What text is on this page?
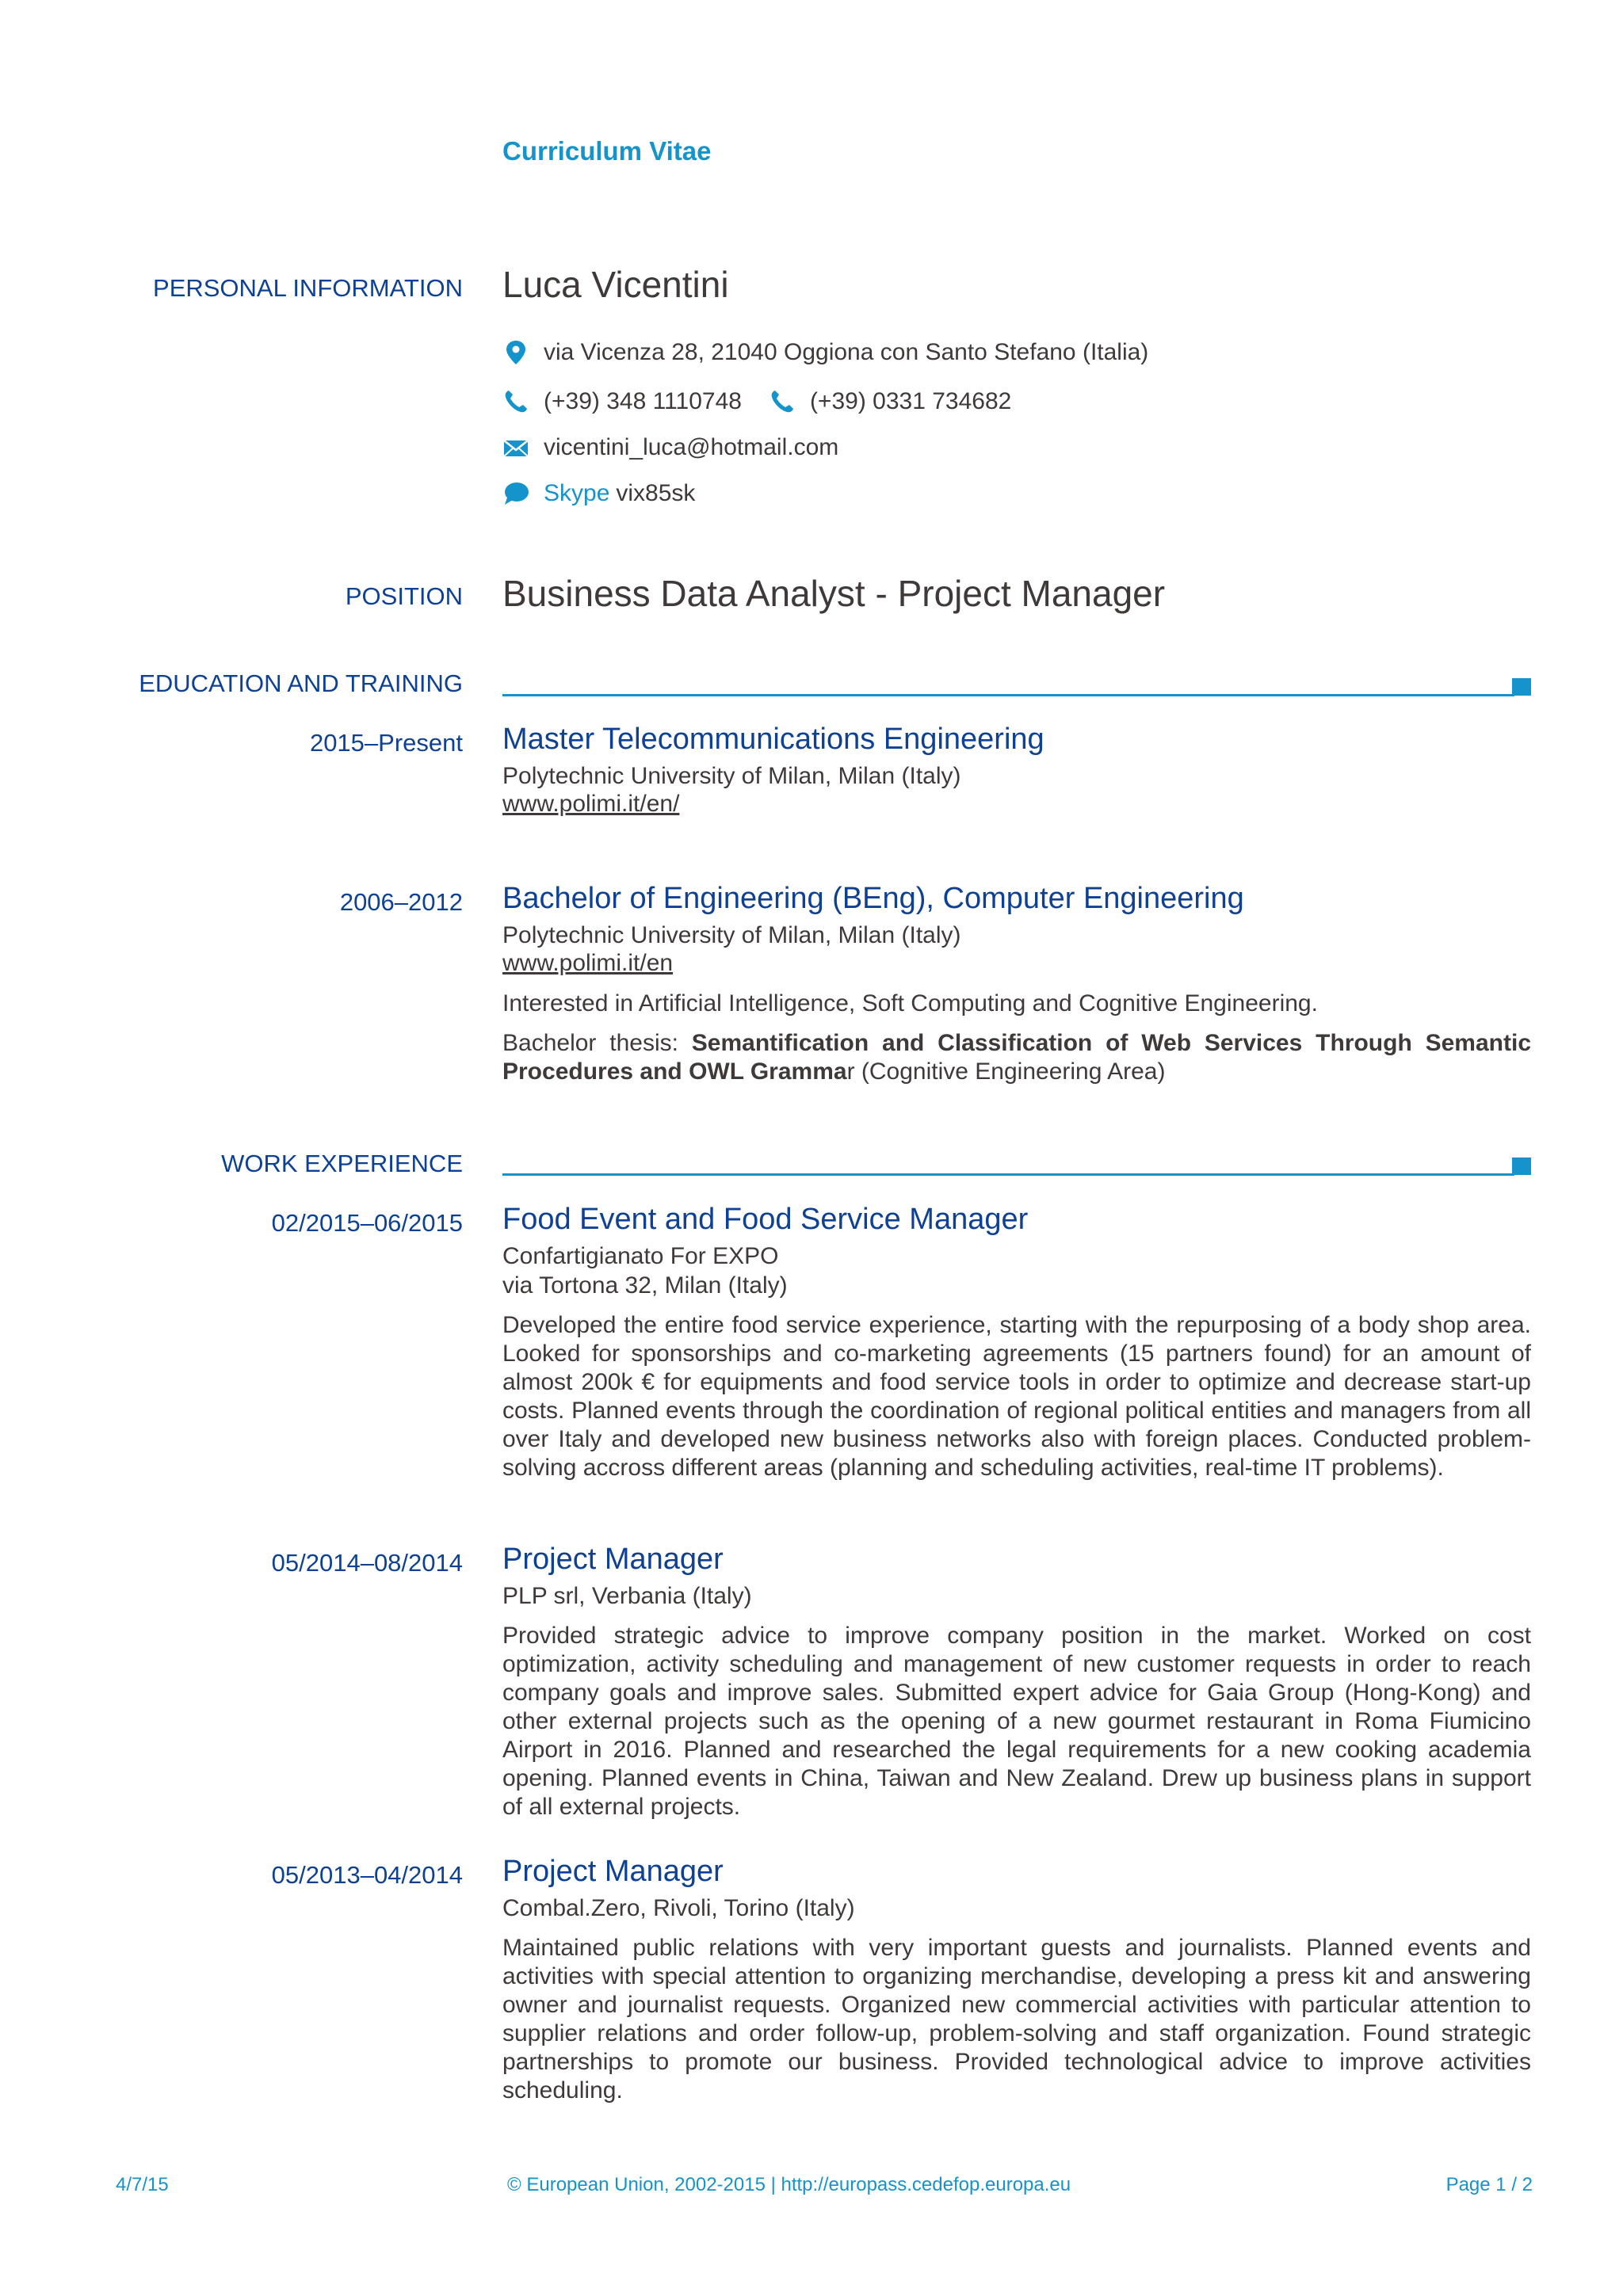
Curriculum Vitae
PERSONAL INFORMATION Luca Vicentini
via Vicenza 28, 21040 Oggiona con Santo Stefano (Italia)
(+39) 348 1110748	(+39) 0331 734682
vicentini_luca@hotmail.com
Skype vix85sk
POSITION Business Data Analyst - Project Manager
EDUCATION AND TRAINING
2015–Present Master Telecommunications Engineering
Polytechnic University of Milan, Milan (Italy)
www.polimi.it/en/
2006–2012 Bachelor of Engineering (BEng), Computer Engineering
Polytechnic University of Milan, Milan (Italy)
www.polimi.it/en
Interested in Artificial Intelligence, Soft Computing and Cognitive Engineering.
Bachelor thesis: Semantification and Classification of Web Services Through Semantic Procedures and OWL Grammar (Cognitive Engineering Area)
WORK EXPERIENCE
02/2015–06/2015 Food Event and Food Service Manager
Confartigianato For EXPO
via Tortona 32, Milan (Italy)
Developed the entire food service experience, starting with the repurposing of a body shop area. Looked for sponsorships and co-marketing agreements (15 partners found) for an amount of almost 200k € for equipments and food service tools in order to optimize and decrease start-up costs. Planned events through the coordination of regional political entities and managers from all over Italy and developed new business networks also with foreign places. Conducted problem-solving accross different areas (planning and scheduling activities, real-time IT problems).
05/2014–08/2014 Project Manager
PLP srl, Verbania (Italy)
Provided strategic advice to improve company position in the market. Worked on cost optimization, activity scheduling and management of new customer requests in order to reach company goals and improve sales. Submitted expert advice for Gaia Group (Hong-Kong) and other external projects such as the opening of a new gourmet restaurant in Roma Fiumicino Airport in 2016. Planned and researched the legal requirements for a new cooking academia opening. Planned events in China, Taiwan and New Zealand. Drew up business plans in support of all external projects.
05/2013–04/2014 Project Manager
Combal.Zero, Rivoli, Torino (Italy)
Maintained public relations with very important guests and journalists. Planned events and activities with special attention to organizing merchandise, developing a press kit and answering owner and journalist requests. Organized new commercial activities with particular attention to supplier relations and order follow-up, problem-solving and staff organization. Found strategic partnerships to promote our business. Provided technological advice to improve activities scheduling.
4/7/15	© European Union, 2002-2015 | http://europass.cedefop.europa.eu	Page 1 / 2
